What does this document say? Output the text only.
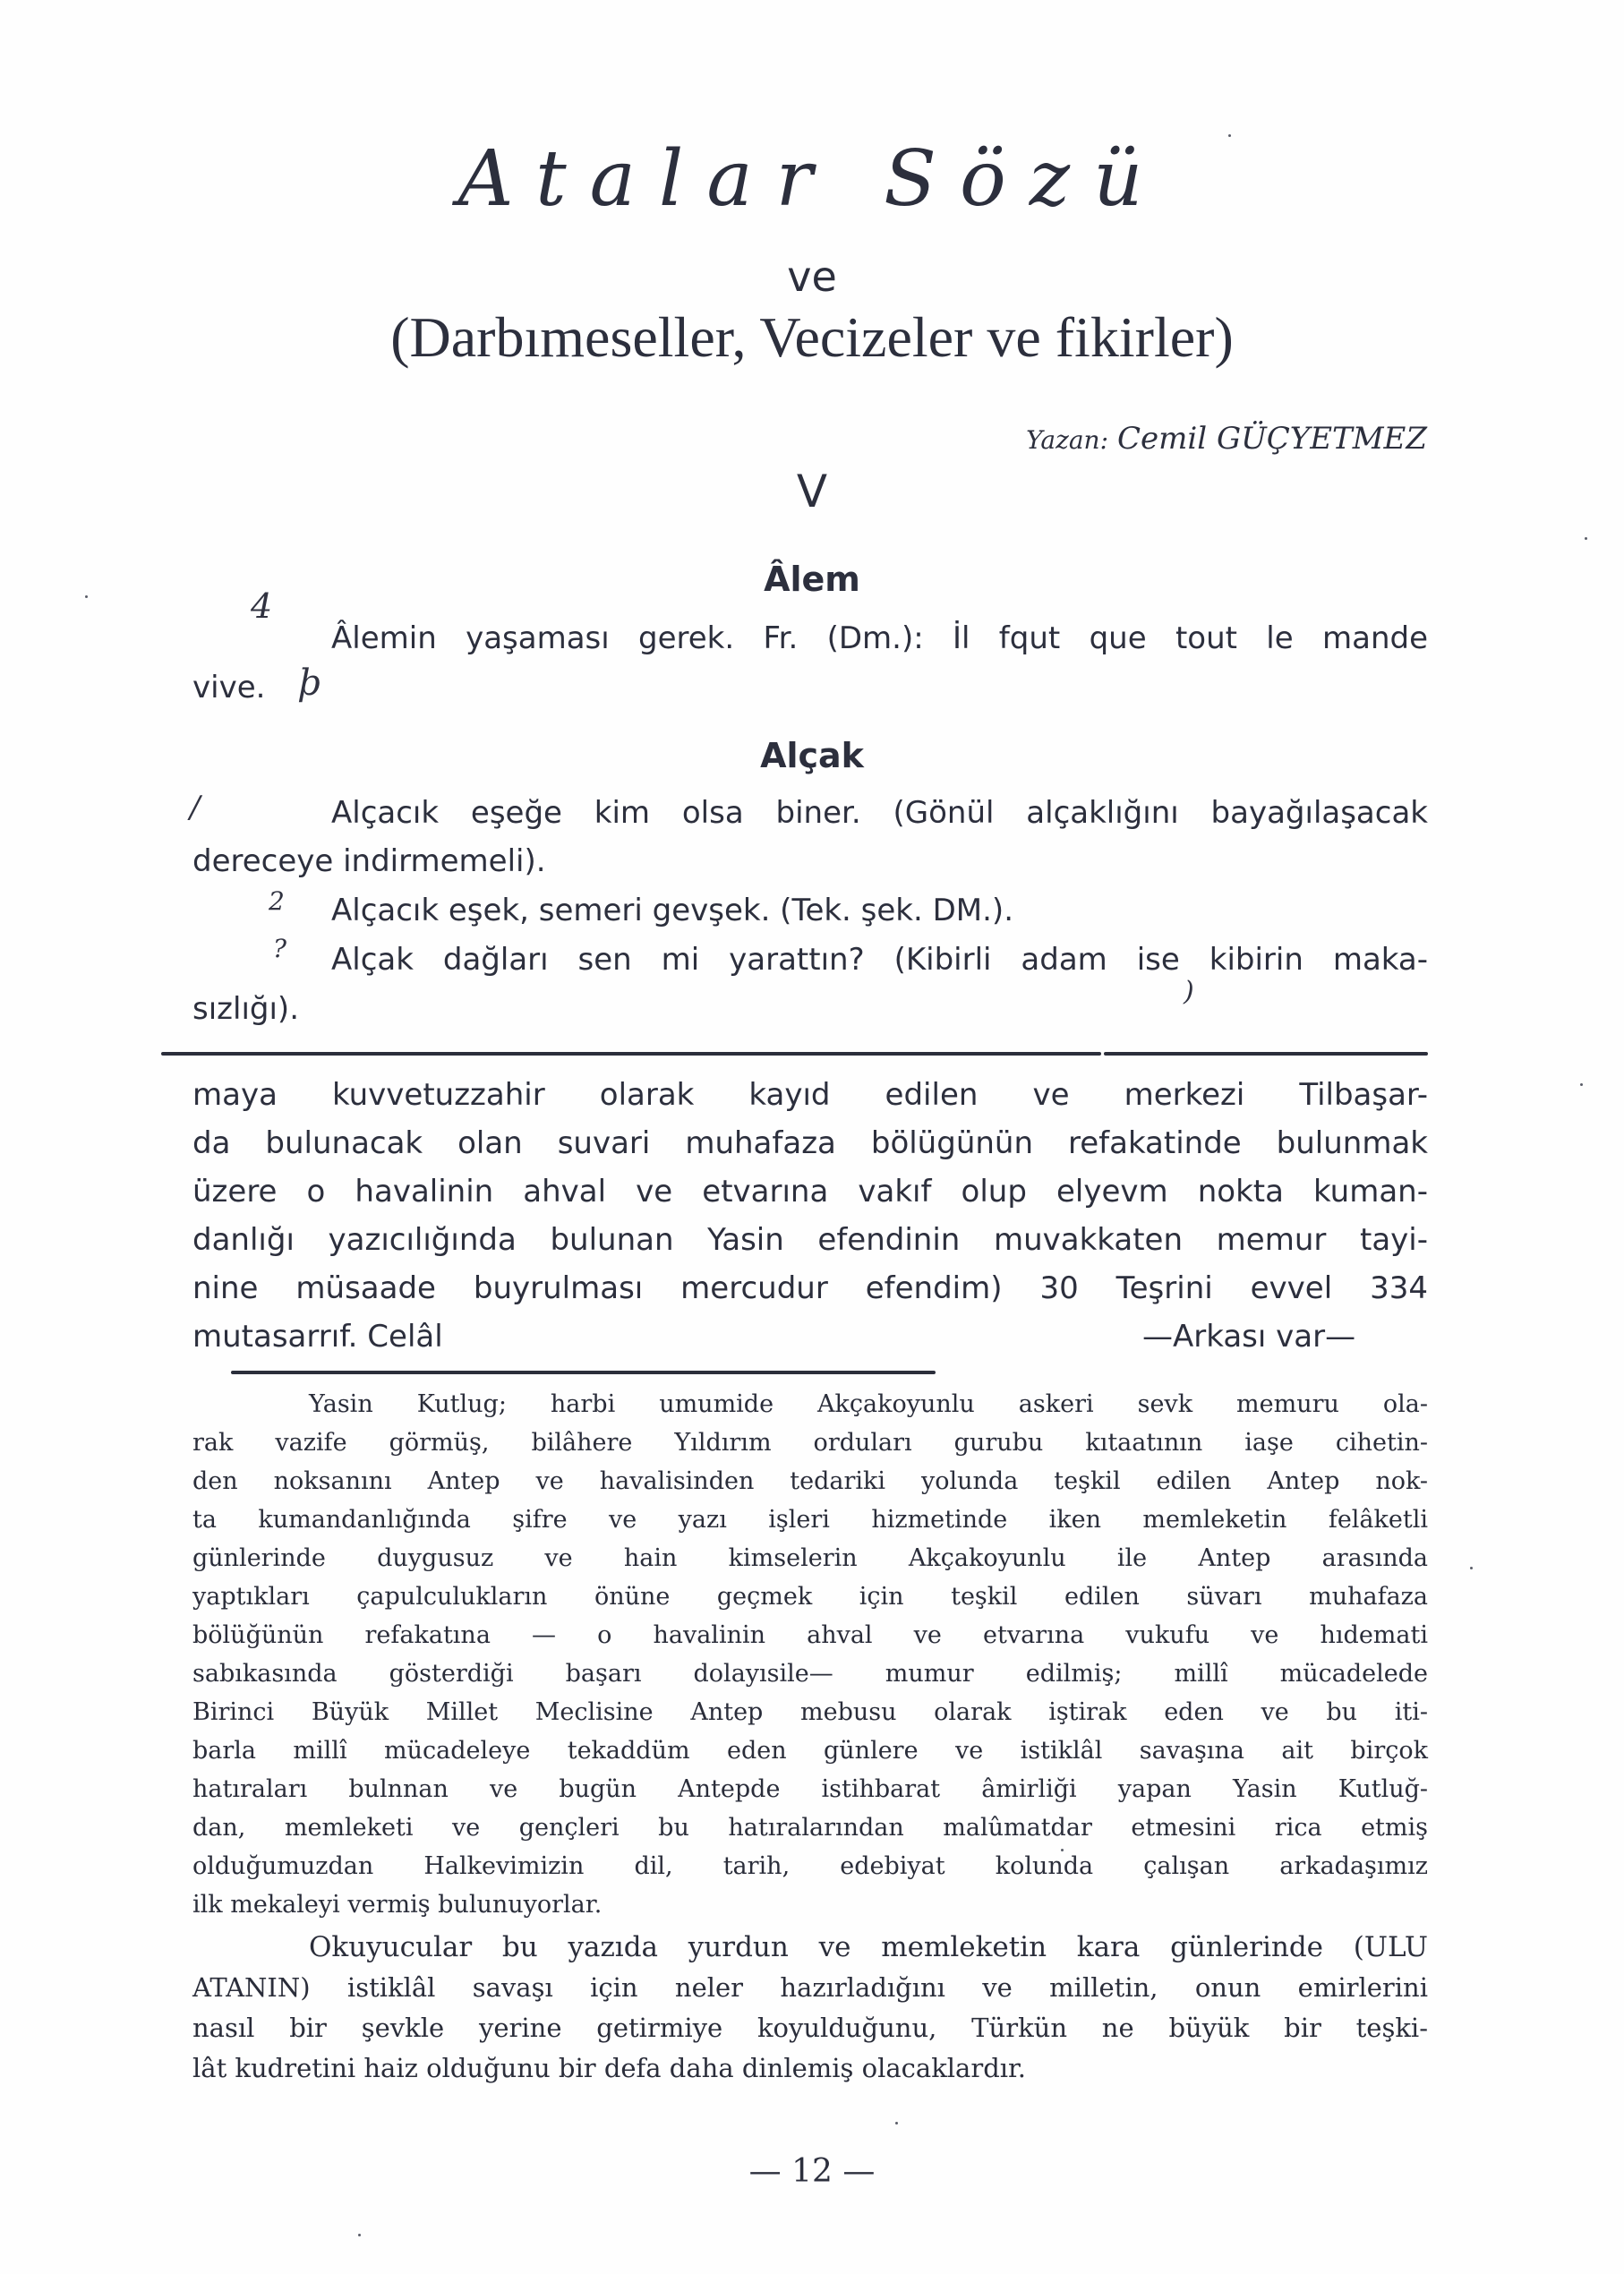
Atalar Sözü
ve
(Darbımeseller, Vecizeler ve fikirler)
Yazan: Cemil GÜÇYETMEZ
V
Âlem
4
Âlemin yaşaması gerek. Fr. (Dm.): İl fqut que tout le mande
vive. þ
Alçak
/	Alçacık eşeğe kim olsa biner. (Gönül alçaklığını bayağılaşacak
dereceye indirmemeli).
2 Alçacık eşek, semeri gevşek. (Tek. şek. DM.).
? Alçak dağları sen mi yarattın? (Kibirli adam ise kibirin maka-
)
sızlığı).
maya kuvvetuzzahir olarak kayıd edilen ve merkezi Tilbaşar-
da bulunacak olan suvari muhafaza bölügünün refakatinde bulunmak
üzere o havalinin ahval ve etvarına vakıf olup elyevm nokta kuman-
danlığı yazıcılığında bulunan Yasin efendinin muvakkaten memur tayi-
nine müsaade buyrulması mercudur efendim) 30 Teşrini evvel 334
mutasarrıf. Celâl	—Arkası var—
Yasin Kutlug; harbi umumide Akçakoyunlu askeri sevk memuru ola-
rak vazife görmüş, bilâhere Yıldırım orduları gurubu kıtaatının iaşe cihetin-
den noksanını Antep ve havalisinden tedariki yolunda teşkil edilen Antep nok-
ta kumandanlığında şifre ve yazı işleri hizmetinde iken memleketin felâketli
günlerinde duygusuz ve hain kimselerin Akçakoyunlu ile Antep arasında
yaptıkları çapulculukların önüne geçmek için teşkil edilen süvarı muhafaza
bölüğünün refakatına — o havalinin ahval ve etvarına vukufu ve hıdemati
sabıkasında gösterdiği başarı dolayısile— mumur edilmiş; millî mücadelede
Birinci Büyük Millet Meclisine Antep mebusu olarak iştirak eden ve bu iti-
barla millî mücadeleye tekaddüm eden günlere ve istiklâl savaşına ait birçok
hatıraları bulnnan ve bugün Antepde istihbarat âmirliği yapan Yasin Kutluğ-
dan, memleketi ve gençleri bu hatıralarından malûmatdar etmesini rica etmiş
olduğumuzdan Halkevimizin dil, tarih, edebiyat kolunda çalışan arkadaşımız
ilk mekaleyi vermiş bulunuyorlar.
Okuyucular bu yazıda yurdun ve memleketin kara günlerinde (ULU
ATANIN) istiklâl savaşı için neler hazırladığını ve milletin, onun emirlerini
nasıl bir şevkle yerine getirmiye koyulduğunu, Türkün ne büyük bir teşki-
lât kudretini haiz olduğunu bir defa daha dinlemiş olacaklardır.
— 12 —
